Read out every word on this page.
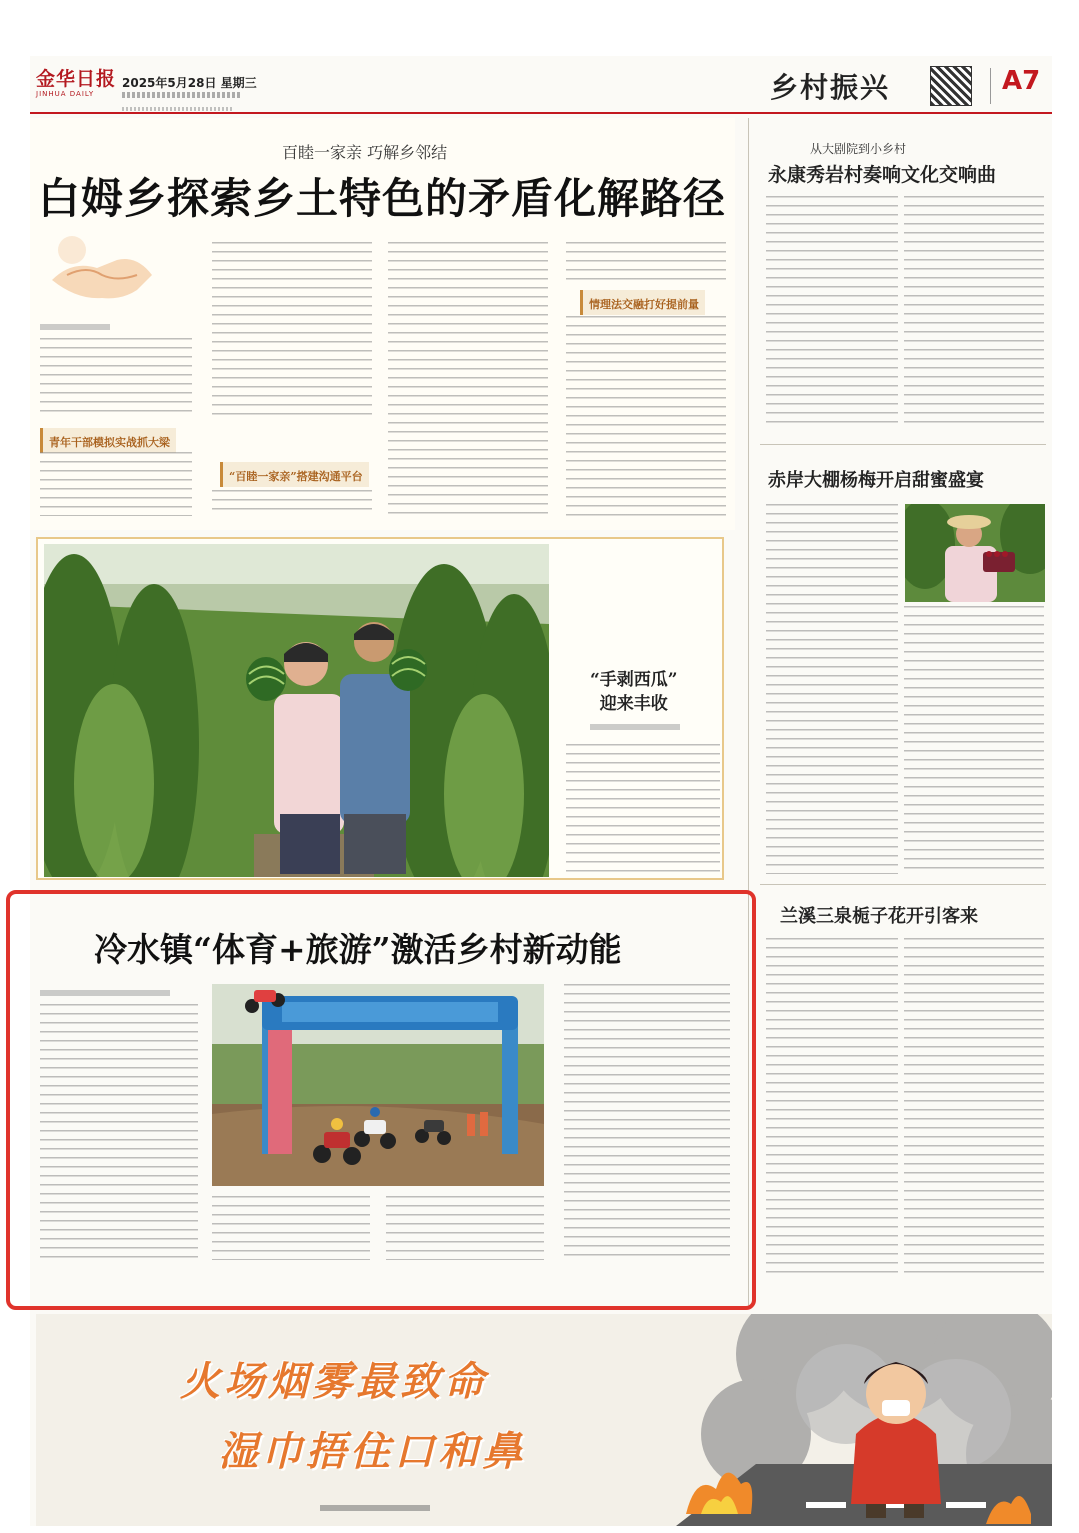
金华日报
JINHUA DAILY
2025年5月28日 星期三	乡村振兴	A7
百睦一家亲 巧解乡邻结
白姆乡探索乡土特色的矛盾化解路径
青年干部模拟实战抓大梁
“百睦一家亲”搭建沟通平台
情理法交融打好提前量
从大剧院到小乡村
永康秀岩村奏响文化交响曲
“手剥西瓜”
迎来丰收
赤岸大棚杨梅开启甜蜜盛宴
兰溪三泉栀子花开引客来
冷水镇“体育+旅游”激活乡村新动能
火场烟雾最致命
湿巾捂住口和鼻
